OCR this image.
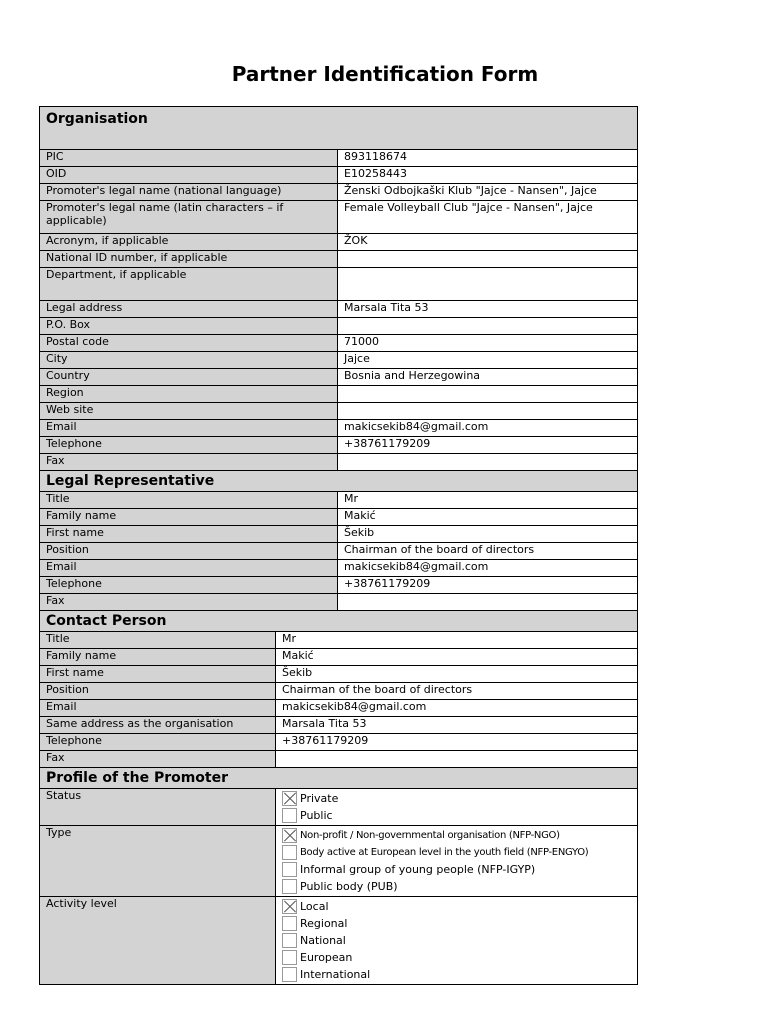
Partner Identification Form
Organisation	
PIC	893118674
OID	E10258443
Promoter's legal name (national language)	Ženski Odbojkaški Klub "Jajce - Nansen", Jajce
Promoter's legal name (latin characters – if applicable)	Female Volleyball Club "Jajce - Nansen", Jajce
Acronym, if applicable	ŽOK
National ID number, if applicable	
Department, if applicable	
Legal address	Marsala Tita 53
P.O. Box	
Postal code	71000
City	Jajce
Country	Bosnia and Herzegowina
Region	
Web site	
Email	makicsekib84@gmail.com
Telephone	+38761179209
Fax	
Legal Representative	
Title	Mr
Family name	Makić
First name	Šekib
Position	Chairman of the board of directors
Email	makicsekib84@gmail.com
Telephone	+38761179209
Fax	
Contact Person	
Title	Mr
Family name	Makić
First name	Šekib
Position	Chairman of the board of directors
Email	makicsekib84@gmail.com
Same address as the organisation	Marsala Tita 53
Telephone	+38761179209
Fax	
Profile of the Promoter	
Status	Private
Public

Type	Non-profit / Non-governmental organisation (NFP-NGO)
Body active at European level in the youth field (NFP-ENGYO)
Informal group of young people (NFP-IGYP)
Public body (PUB)

Activity level	Local
Regional
National
European
International
